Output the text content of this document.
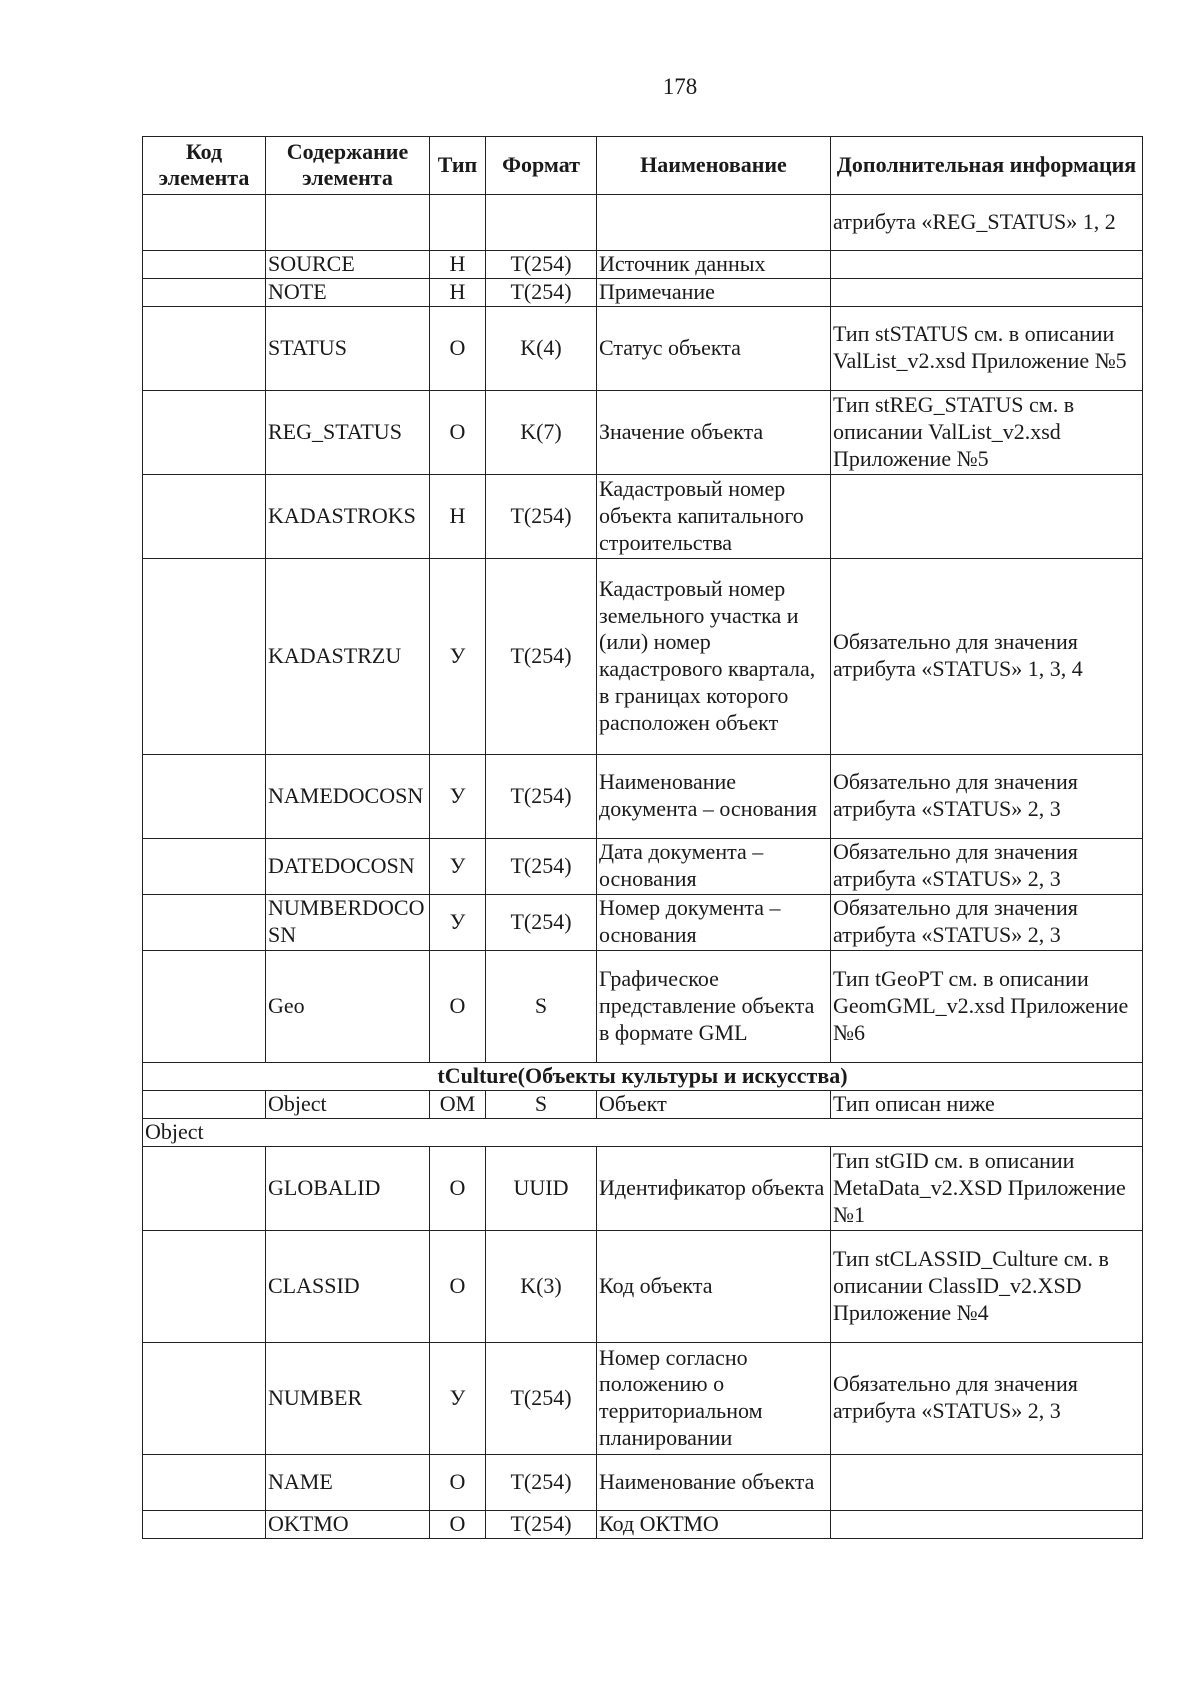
178
Код элемента	Содержание элемента	Тип	Формат	Наименование	Дополнительная информация
					атрибута «REG_STATUS» 1, 2
	SOURCE	Н	T(254)	Источник данных	
	NOTE	Н	T(254)	Примечание	
	STATUS	О	K(4)	Статус объекта	Тип stSTATUS см. в описании ValList_v2.xsd Приложение №5
	REG_STATUS	О	K(7)	Значение объекта	Тип stREG_STATUS см. в описании ValList_v2.xsd Приложение №5
	KADASTROKS	Н	T(254)	Кадастровый номер объекта капитального строительства	
	KADASTRZU	У	T(254)	Кадастровый номер земельного участка и (или) номер кадастрового квартала, в границах которого расположен объект	Обязательно для значения атрибута «STATUS» 1, 3, 4
	NAMEDOCOSN	У	T(254)	Наименование документа – основания	Обязательно для значения атрибута «STATUS» 2, 3
	DATEDOCOSN	У	T(254)	Дата документа – основания	Обязательно для значения атрибута «STATUS» 2, 3
	NUMBERDOCOSN	У	T(254)	Номер документа – основания	Обязательно для значения атрибута «STATUS» 2, 3
	Geo	О	S	Графическое представление объекта в формате GML	Тип tGeoPT см. в описании GeomGML_v2.xsd Приложение №6
tCulture(Объекты культуры и искусства)					
	Object	ОМ	S	Объект	Тип описан ниже
Object					
	GLOBALID	О	UUID	Идентификатор объекта	Тип stGID см. в описании MetaData_v2.XSD Приложение №1
	CLASSID	О	K(3)	Код объекта	Тип stCLASSID_Culture см. в описании ClassID_v2.XSD Приложение №4
	NUMBER	У	T(254)	Номер согласно положению о территориальном планировании	Обязательно для значения атрибута «STATUS» 2, 3
	NAME	О	T(254)	Наименование объекта	
	OKTMO	О	T(254)	Код ОКТМО	
